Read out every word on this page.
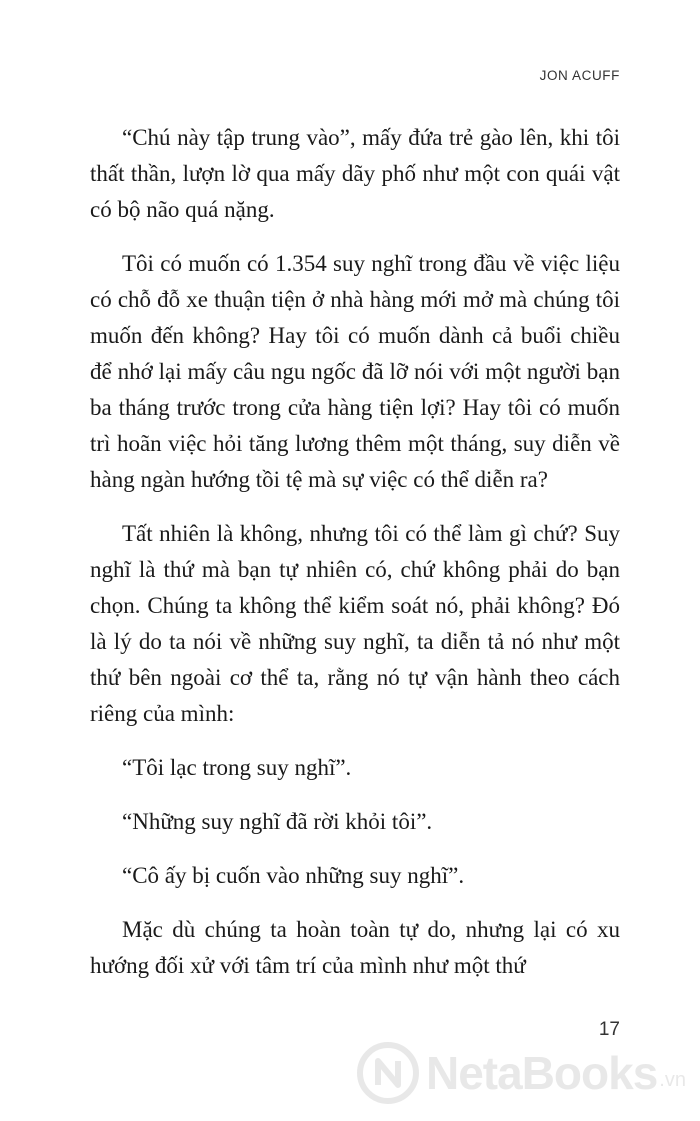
JON ACUFF

“Chú này tập trung vào”, mấy đứa trẻ gào lên, khi tôi thất thần, lượn lờ qua mấy dãy phố như một con quái vật có bộ não quá nặng.

Tôi có muốn có 1.354 suy nghĩ trong đầu về việc liệu có chỗ đỗ xe thuận tiện ở nhà hàng mới mở mà chúng tôi muốn đến không? Hay tôi có muốn dành cả buổi chiều để nhớ lại mấy câu ngu ngốc đã lỡ nói với một người bạn ba tháng trước trong cửa hàng tiện lợi? Hay tôi có muốn trì hoãn việc hỏi tăng lương thêm một tháng, suy diễn về hàng ngàn hướng tồi tệ mà sự việc có thể diễn ra?

Tất nhiên là không, nhưng tôi có thể làm gì chứ? Suy nghĩ là thứ mà bạn tự nhiên có, chứ không phải do bạn chọn. Chúng ta không thể kiểm soát nó, phải không? Đó là lý do ta nói về những suy nghĩ, ta diễn tả nó như một thứ bên ngoài cơ thể ta, rằng nó tự vận hành theo cách riêng của mình:

“Tôi lạc trong suy nghĩ”.

“Những suy nghĩ đã rời khỏi tôi”.

“Cô ấy bị cuốn vào những suy nghĩ”.

Mặc dù chúng ta hoàn toàn tự do, nhưng lại có xu hướng đối xử với tâm trí của mình như một thứ

17
NetaBooks .vn
